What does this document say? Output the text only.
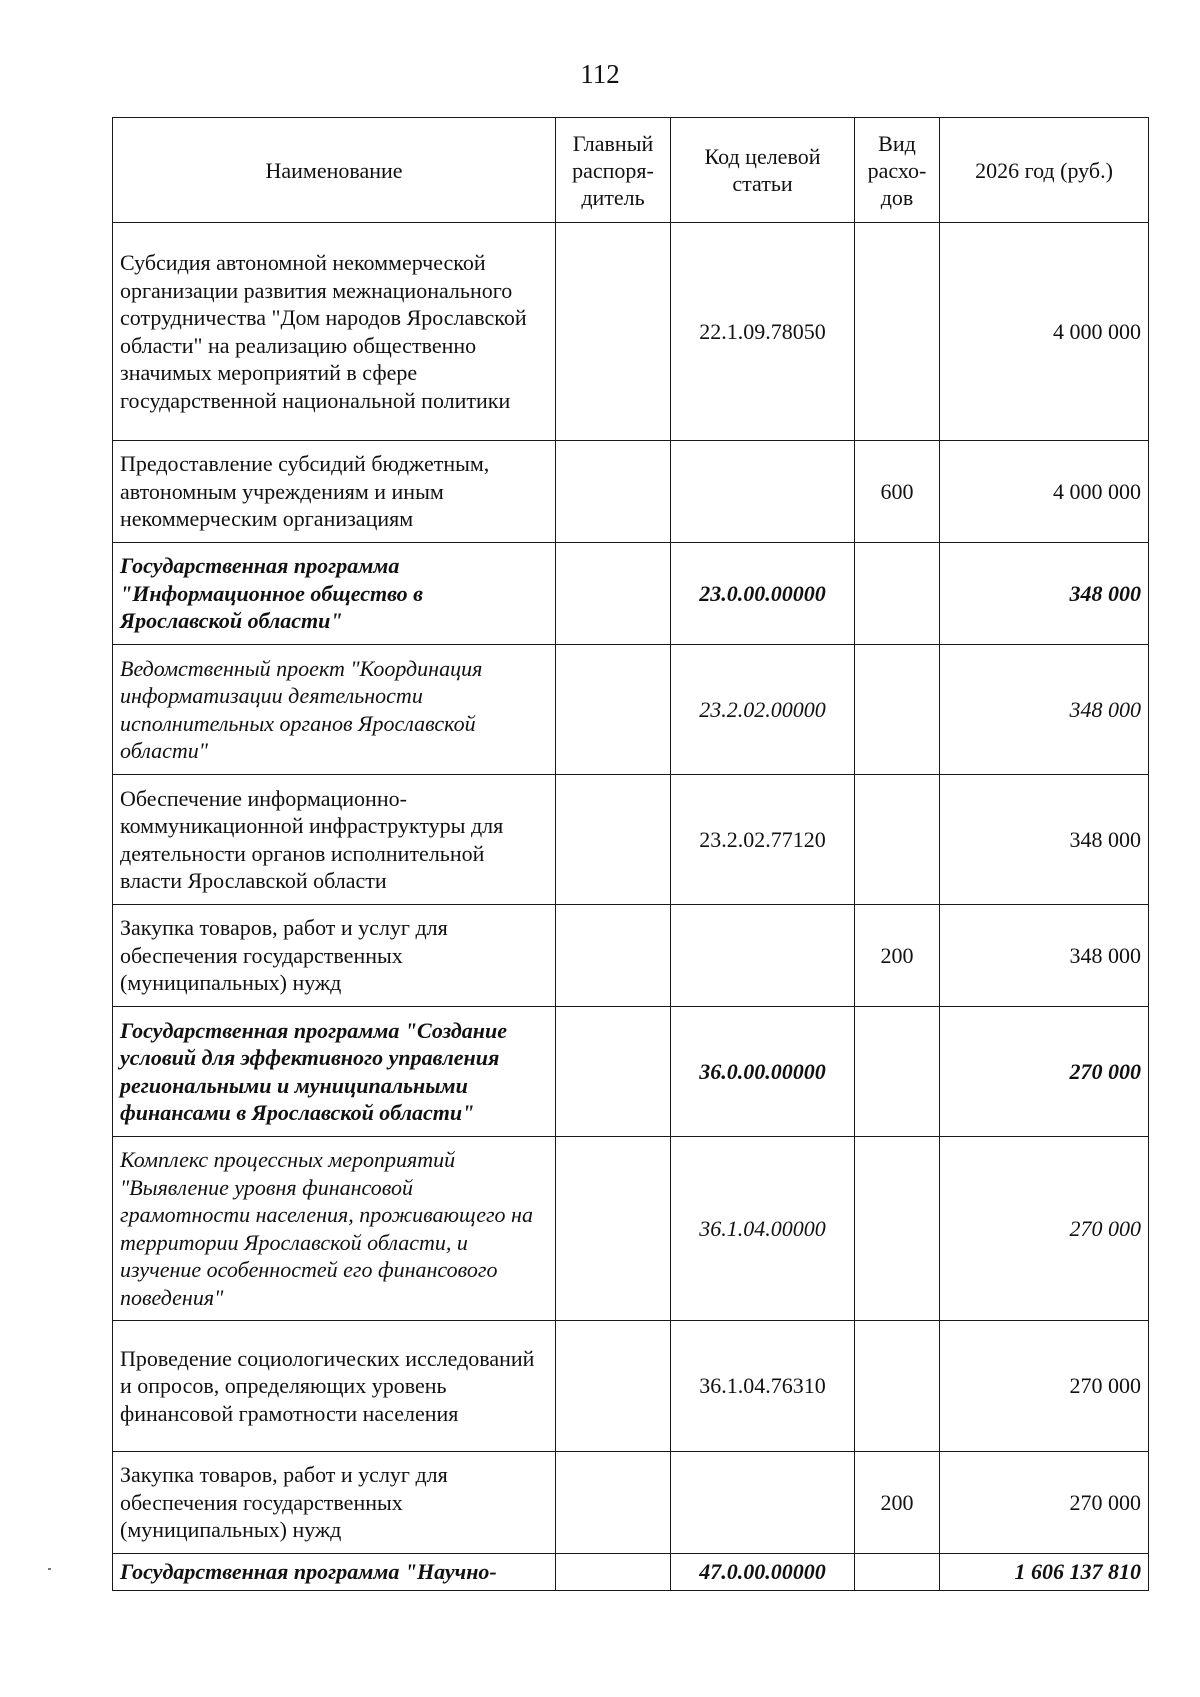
112
Наименование	Главный распоря-дитель	Код целевой статьи	Вид расхо-дов	2026 год (руб.)
Субсидия автономной некоммерческой организации развития межнационального сотрудничества "Дом народов Ярославской области" на реализацию общественно значимых мероприятий в сфере государственной национальной политики		22.1.09.78050		4 000 000
Предоставление субсидий бюджетным, автономным учреждениям и иным некоммерческим организациям			600	4 000 000
Государственная программа "Информационное общество в Ярославской области"		23.0.00.00000		348 000
Ведомственный проект "Координация информатизации деятельности исполнительных органов Ярославской области"		23.2.02.00000		348 000
Обеспечение информационно-коммуникационной инфраструктуры для деятельности органов исполнительной власти Ярославской области		23.2.02.77120		348 000
Закупка товаров, работ и услуг для обеспечения государственных (муниципальных) нужд			200	348 000
Государственная программа "Создание условий для эффективного управления региональными и муниципальными финансами в Ярославской области"		36.0.00.00000		270 000
Комплекс процессных мероприятий "Выявление уровня финансовой грамотности населения, проживающего на территории Ярославской области, и изучение особенностей его финансового поведения"		36.1.04.00000		270 000
Проведение социологических исследований и опросов, определяющих уровень финансовой грамотности населения		36.1.04.76310		270 000
Закупка товаров, работ и услуг для обеспечения государственных (муниципальных) нужд			200	270 000
Государственная программа "Научно-		47.0.00.00000		1 606 137 810
